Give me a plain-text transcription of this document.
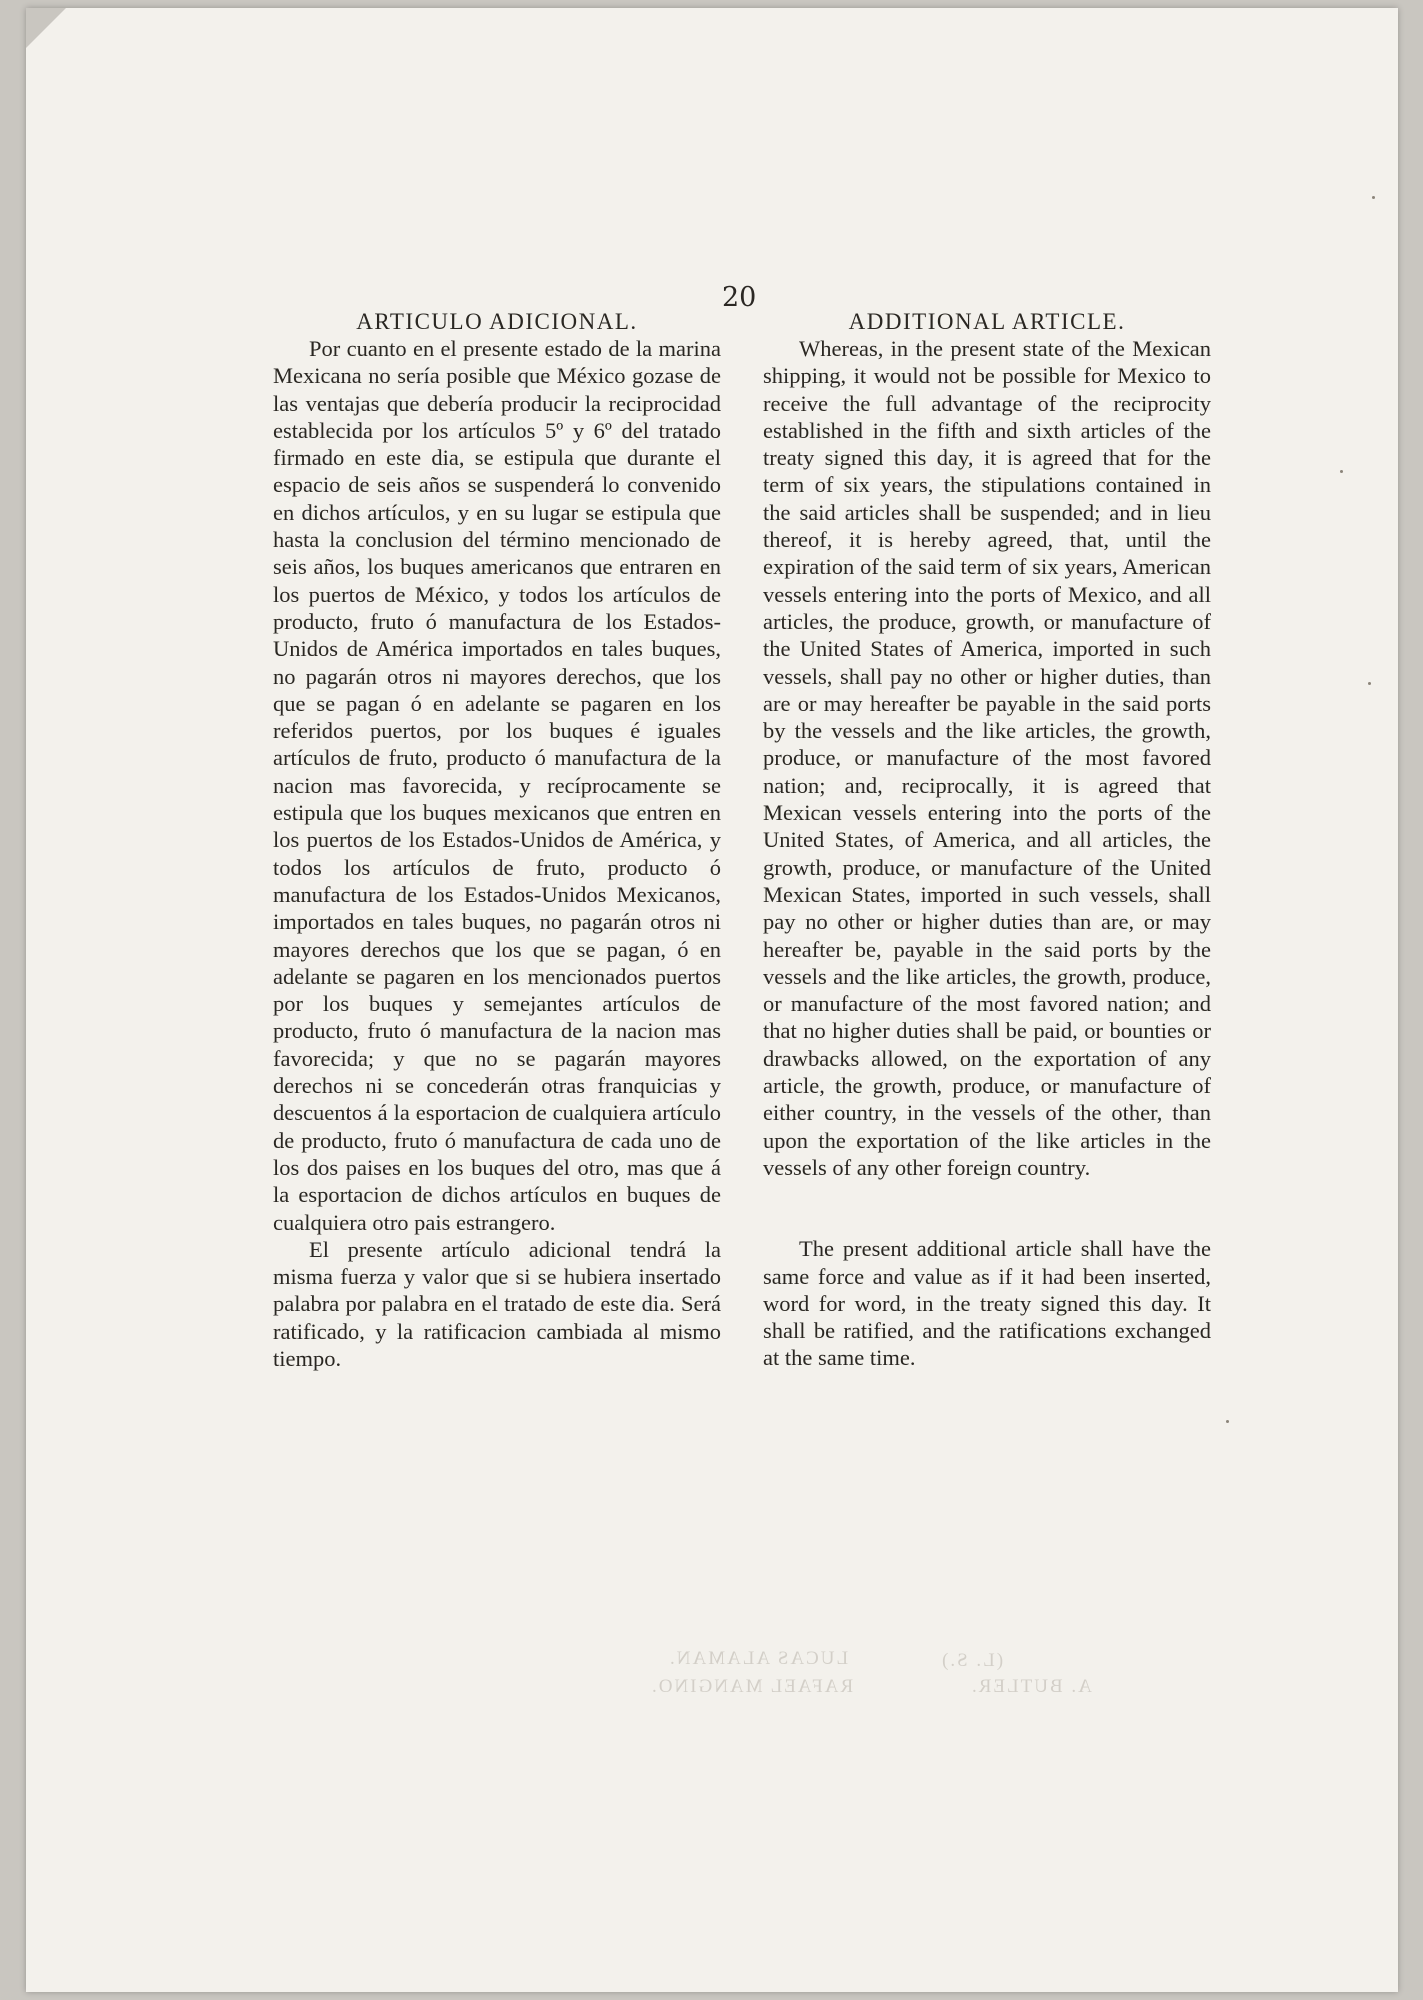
LUCAS ALAMAN.
RAFAEL MANGINO.	A. BUTLER.
(L. S.)
20
ARTICULO ADICIONAL.

Por cuanto en el presente estado de la marina Mexicana no sería posible que México gozase de las ventajas que debería producir la reciprocidad establecida por los artículos 5º y 6º del tratado firmado en este dia, se estipula que durante el espacio de seis años se suspenderá lo convenido en dichos artículos, y en su lugar se estipula que hasta la conclusion del término mencionado de seis años, los buques americanos que entraren en los puertos de México, y todos los artículos de producto, fruto ó manufactura de los Estados-Unidos de América importados en tales buques, no pagarán otros ni mayores derechos, que los que se pagan ó en adelante se pagaren en los referidos puertos, por los buques é iguales artículos de fruto, producto ó manufactura de la nacion mas favorecida, y recíprocamente se estipula que los buques mexicanos que entren en los puertos de los Estados-Unidos de América, y todos los artículos de fruto, producto ó manufactura de los Estados-Unidos Mexicanos, importados en tales buques, no pagarán otros ni mayores derechos que los que se pagan, ó en adelante se pagaren en los mencionados puertos por los buques y semejantes artículos de producto, fruto ó manufactura de la nacion mas favorecida; y que no se pagarán mayores derechos ni se concederán otras franquicias y descuentos á la esportacion de cualquiera artículo de producto, fruto ó manufactura de cada uno de los dos paises en los buques del otro, mas que á la esportacion de dichos artículos en buques de cualquiera otro pais estrangero.

El presente artículo adicional tendrá la misma fuerza y valor que si se hubiera insertado palabra por palabra en el tratado de este dia. Será ratificado, y la ratificacion cambiada al mismo tiempo.

ADDITIONAL ARTICLE.

Whereas, in the present state of the Mexican shipping, it would not be possible for Mexico to receive the full advantage of the reciprocity established in the fifth and sixth articles of the treaty signed this day, it is agreed that for the term of six years, the stipulations contained in the said articles shall be suspended; and in lieu thereof, it is hereby agreed, that, until the expiration of the said term of six years, American vessels entering into the ports of Mexico, and all articles, the produce, growth, or manufacture of the United States of America, imported in such vessels, shall pay no other or higher duties, than are or may hereafter be payable in the said ports by the vessels and the like articles, the growth, produce, or manufacture of the most favored nation; and, reciprocally, it is agreed that Mexican vessels entering into the ports of the United States, of America, and all articles, the growth, produce, or manufacture of the United Mexican States, imported in such vessels, shall pay no other or higher duties than are, or may hereafter be, payable in the said ports by the vessels and the like articles, the growth, produce, or manufacture of the most favored nation; and that no higher duties shall be paid, or bounties or drawbacks allowed, on the exportation of any article, the growth, produce, or manufacture of either country, in the vessels of the other, than upon the exportation of the like articles in the vessels of any other foreign country.

The present additional article shall have the same force and value as if it had been inserted, word for word, in the treaty signed this day. It shall be ratified, and the ratifications exchanged at the same time.
